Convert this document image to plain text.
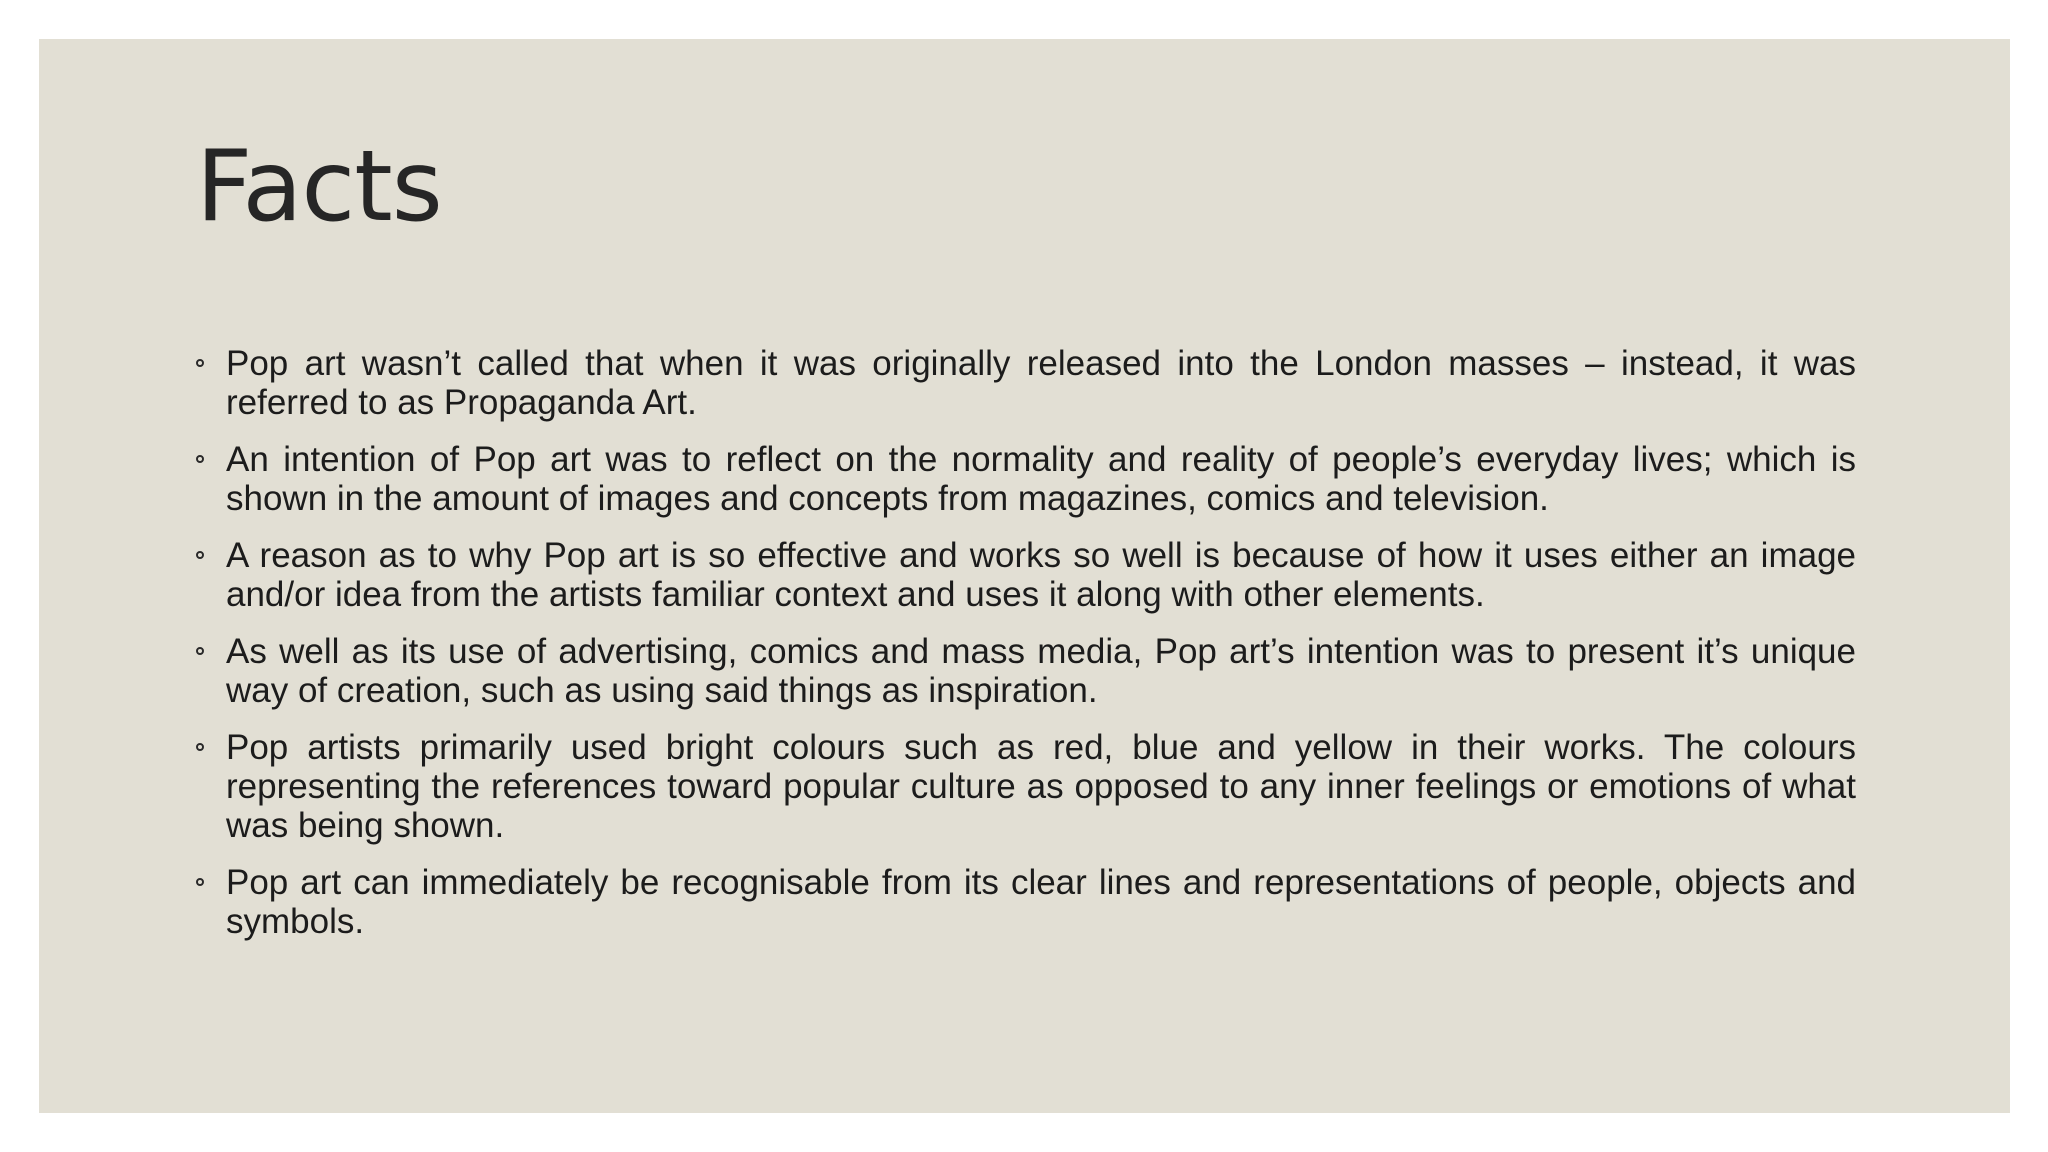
Facts
Pop art wasn’t called that when it was originally released into the London masses – instead, it was referred to as Propaganda Art.
An intention of Pop art was to reflect on the normality and reality of people’s everyday lives; which is shown in the amount of images and concepts from magazines, comics and television.
A reason as to why Pop art is so effective and works so well is because of how it uses either an image and/or idea from the artists familiar context and uses it along with other elements.
As well as its use of advertising, comics and mass media, Pop art’s intention was to present it’s unique way of creation, such as using said things as inspiration.
Pop artists primarily used bright colours such as red, blue and yellow in their works. The colours representing the references toward popular culture as opposed to any inner feelings or emotions of what was being shown.
Pop art can immediately be recognisable from its clear lines and representations of people, objects and symbols.
